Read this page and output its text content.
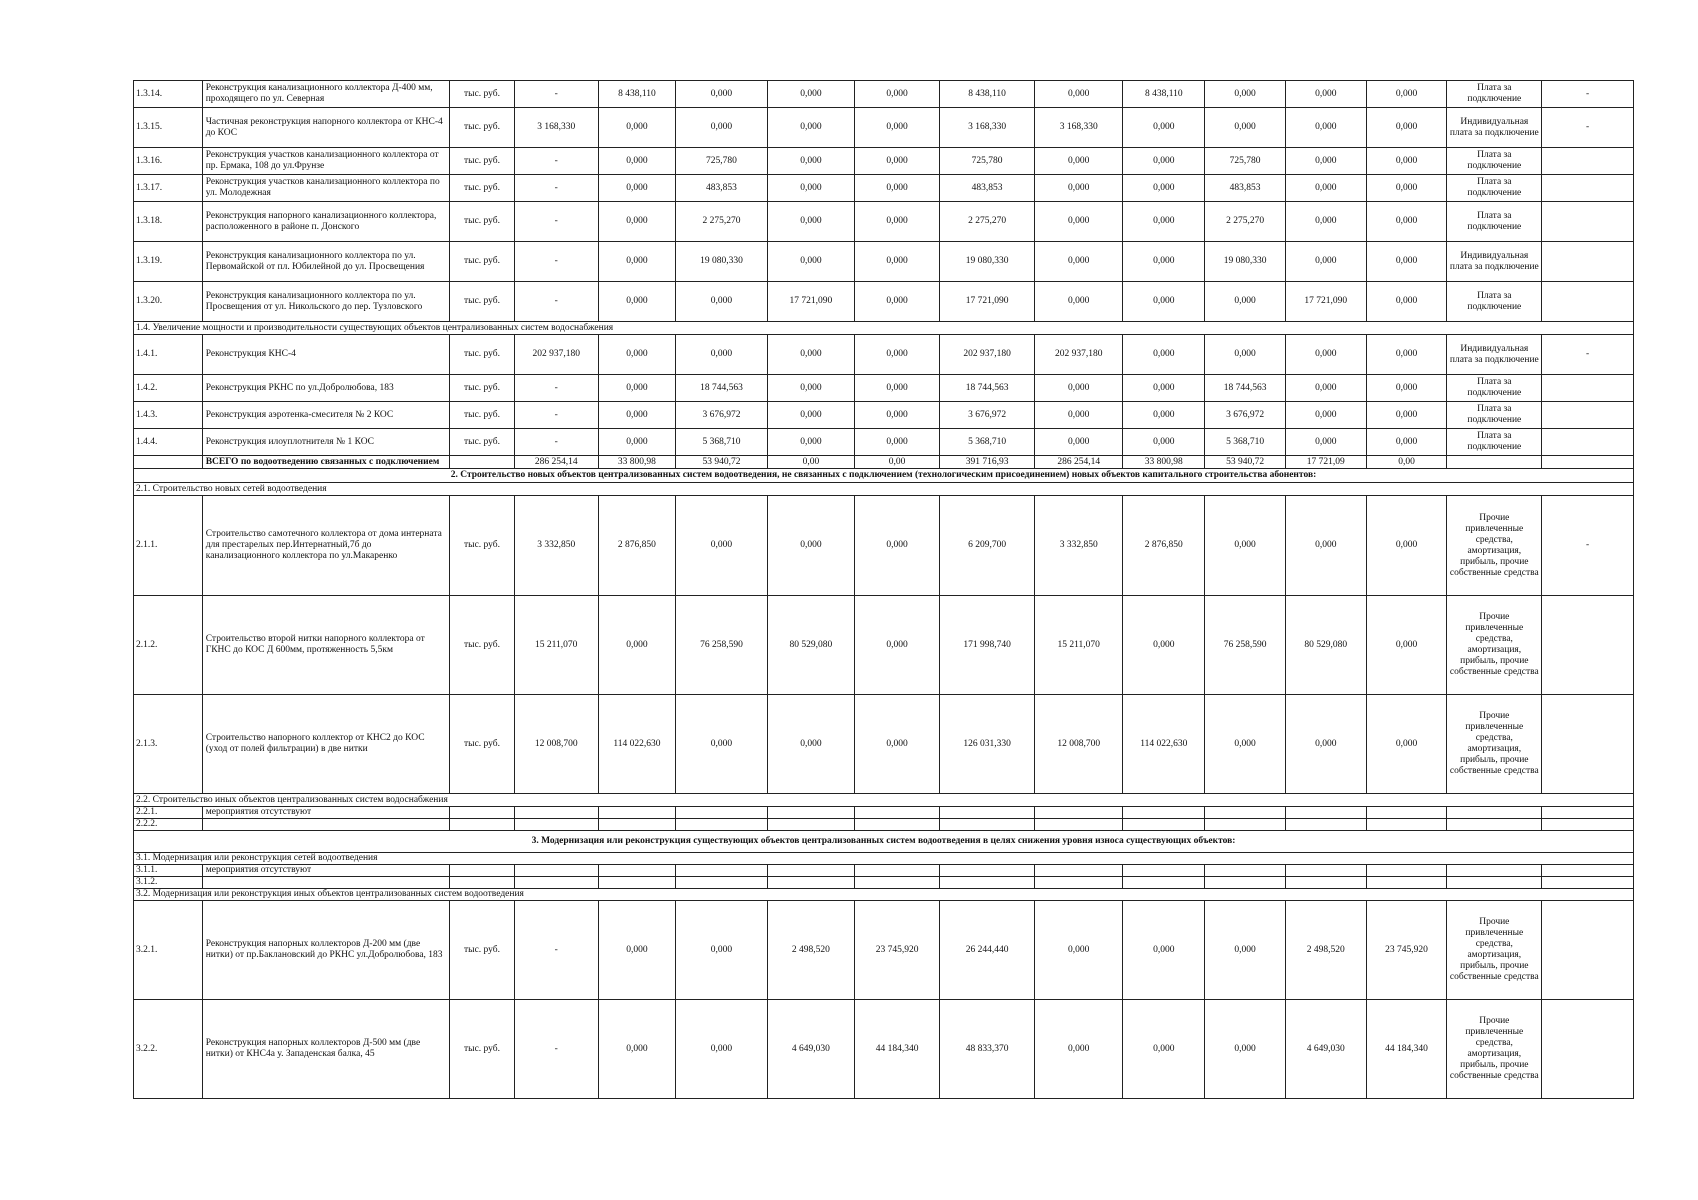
1.3.14.	Реконструкция канализационного коллектора Д-400 мм, проходящего по ул. Северная	тыс. руб.	-	8 438,110	0,000	0,000	0,000	8 438,110	0,000	8 438,110	0,000	0,000	0,000	Плата за подключение	-
1.3.15.	Частичная реконструкция напорного коллектора от КНС-4 до КОС	тыс. руб.	3 168,330	0,000	0,000	0,000	0,000	3 168,330	3 168,330	0,000	0,000	0,000	0,000	Индивидуальная плата за подключение	-
1.3.16.	Реконструкция участков канализационного коллектора от пр. Ермака, 108 до ул.Фрунзе	тыс. руб.	-	0,000	725,780	0,000	0,000	725,780	0,000	0,000	725,780	0,000	0,000	Плата за подключение	
1.3.17.	Реконструкция участков канализационного коллектора по ул. Молодежная	тыс. руб.	-	0,000	483,853	0,000	0,000	483,853	0,000	0,000	483,853	0,000	0,000	Плата за подключение	
1.3.18.	Реконструкция напорного канализационного коллектора, расположенного в районе п. Донского	тыс. руб.	-	0,000	2 275,270	0,000	0,000	2 275,270	0,000	0,000	2 275,270	0,000	0,000	Плата за подключение	
1.3.19.	Реконструкция канализационного коллектора по ул. Первомайской от пл. Юбилейной до ул. Просвещения	тыс. руб.	-	0,000	19 080,330	0,000	0,000	19 080,330	0,000	0,000	19 080,330	0,000	0,000	Индивидуальная плата за подключение	
1.3.20.	Реконструкция канализационного коллектора по ул. Просвещения от ул. Никольского до пер. Тузловского	тыс. руб.	-	0,000	0,000	17 721,090	0,000	17 721,090	0,000	0,000	0,000	17 721,090	0,000	Плата за подключение	
1.4. Увеличение мощности и производительности существующих объектов централизованных систем водоснабжения															
1.4.1.	Реконструкция КНС-4	тыс. руб.	202 937,180	0,000	0,000	0,000	0,000	202 937,180	202 937,180	0,000	0,000	0,000	0,000	Индивидуальная плата за подключение	-
1.4.2.	Реконструкция РКНС по ул.Добролюбова, 183	тыс. руб.	-	0,000	18 744,563	0,000	0,000	18 744,563	0,000	0,000	18 744,563	0,000	0,000	Плата за подключение	
1.4.3.	Реконструкция аэротенка-смесителя № 2 КОС	тыс. руб.	-	0,000	3 676,972	0,000	0,000	3 676,972	0,000	0,000	3 676,972	0,000	0,000	Плата за подключение	
1.4.4.	Реконструкция илоуплотнителя № 1 КОС	тыс. руб.	-	0,000	5 368,710	0,000	0,000	5 368,710	0,000	0,000	5 368,710	0,000	0,000	Плата за подключение	
	ВСЕГО по водоотведению связанных с подключением		286 254,14	33 800,98	53 940,72	0,00	0,00	391 716,93	286 254,14	33 800,98	53 940,72	17 721,09	0,00		
2. Строительство новых объектов централизованных систем водоотведения, не связанных с подключением (технологическим присоединением) новых объектов капитального строительства абонентов:															
2.1. Строительство новых сетей водоотведения															
2.1.1.	Строительство самотечного коллектора от дома интерната для престарелых пер.Интернатный,7б до канализационного коллектора по ул.Макаренко	тыс. руб.	3 332,850	2 876,850	0,000	0,000	0,000	6 209,700	3 332,850	2 876,850	0,000	0,000	0,000	Прочие привлеченные средства, амортизация, прибыль, прочие собственные средства	-
2.1.2.	Строительство второй нитки напорного коллектора от ГКНС до КОС Д 600мм, протяженность 5,5км	тыс. руб.	15 211,070	0,000	76 258,590	80 529,080	0,000	171 998,740	15 211,070	0,000	76 258,590	80 529,080	0,000	Прочие привлеченные средства, амортизация, прибыль, прочие собственные средства	
2.1.3.	Строительство напорного коллектор от КНС2 до КОС (уход от полей фильтрации) в две нитки	тыс. руб.	12 008,700	114 022,630	0,000	0,000	0,000	126 031,330	12 008,700	114 022,630	0,000	0,000	0,000	Прочие привлеченные средства, амортизация, прибыль, прочие собственные средства	
2.2. Строительство иных объектов централизованных систем водоснабжения															
2.2.1.	мероприятия отсутствуют														
2.2.2.															
3. Модернизация или реконструкция существующих объектов централизованных систем водоотведения в целях снижения уровня износа существующих объектов:															
3.1. Модернизация или реконструкция сетей водоотведения															
3.1.1.	мероприятия отсутствуют														
3.1.2.															
3.2. Модернизация или реконструкция иных объектов централизованных систем водоотведения															
3.2.1.	Реконструкция напорных коллекторов Д-200 мм (две нитки) от пр.Баклановский до РКНС ул.Добролюбова, 183	тыс. руб.	-	0,000	0,000	2 498,520	23 745,920	26 244,440	0,000	0,000	0,000	2 498,520	23 745,920	Прочие привлеченные средства, амортизация, прибыль, прочие собственные средства	
3.2.2.	Реконструкция напорных коллекторов Д-500 мм (две нитки) от КНС4а у. Западенская балка, 45	тыс. руб.	-	0,000	0,000	4 649,030	44 184,340	48 833,370	0,000	0,000	0,000	4 649,030	44 184,340	Прочие привлеченные средства, амортизация, прибыль, прочие собственные средства	
